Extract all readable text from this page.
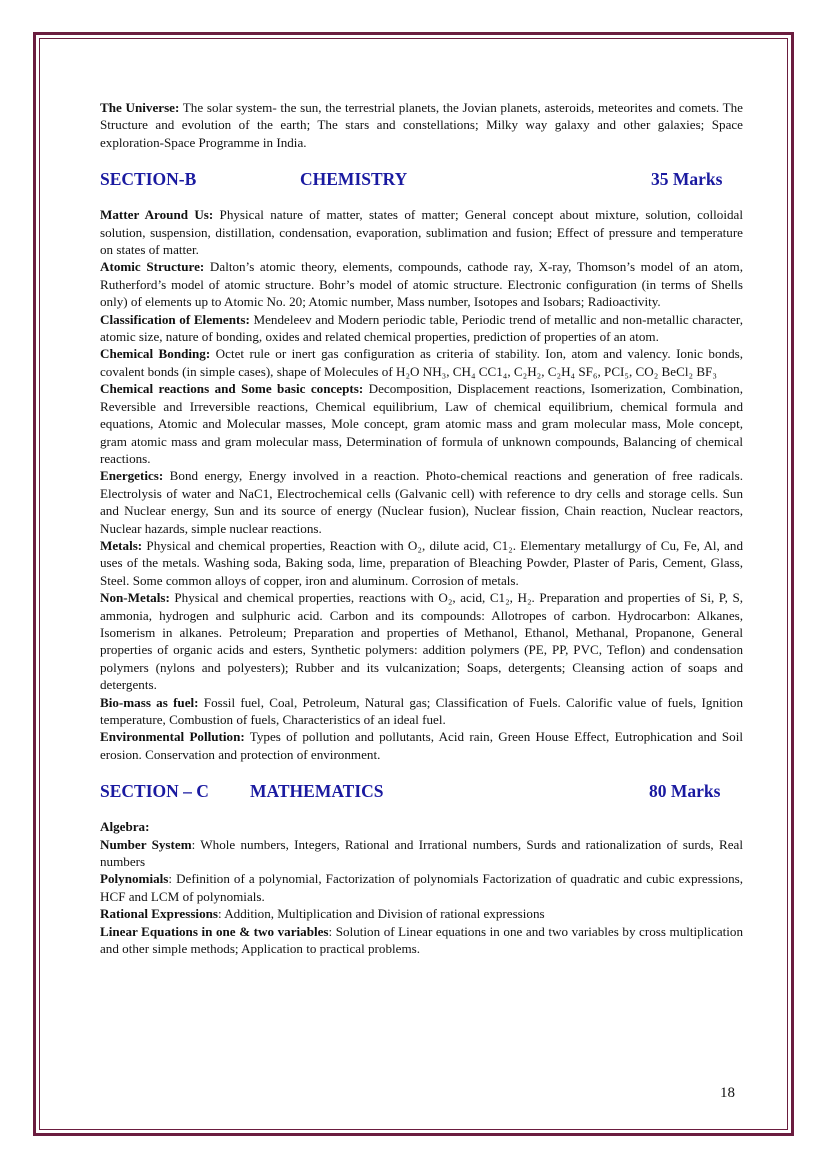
The Universe: The solar system- the sun, the terrestrial planets, the Jovian planets, asteroids, meteorites and comets. The Structure and evolution of the earth; The stars and constellations; Milky way galaxy and other galaxies; Space exploration-Space Programme in India.

SECTION-B	CHEMISTRY	35 Marks

Matter Around Us: Physical nature of matter, states of matter; General concept about mixture, solution, colloidal solution, suspension, distillation, condensation, evaporation, sublimation and fusion; Effect of pressure and temperature on states of matter.

Atomic Structure: Dalton’s atomic theory, elements, compounds, cathode ray, X-ray, Thomson’s model of an atom, Rutherford’s model of atomic structure. Bohr’s model of atomic structure. Electronic configuration (in terms of Shells only) of elements up to Atomic No. 20; Atomic number, Mass number, Isotopes and Isobars; Radioactivity.

Classification of Elements: Mendeleev and Modern periodic table, Periodic trend of metallic and non-metallic character, atomic size, nature of bonding, oxides and related chemical properties, prediction of properties of an atom.

Chemical Bonding: Octet rule or inert gas configuration as criteria of stability. Ion, atom and valency. Ionic bonds, covalent bonds (in simple cases), shape of Molecules of H₂O NH₃, CH₄ CC1₄, C₂H₂, C₂H₄ SF₆, PCI₅, CO₂ BeCl₂ BF₃

Chemical reactions and Some basic concepts: Decomposition, Displacement reactions, Isomerization, Combination, Reversible and Irreversible reactions, Chemical equilibrium, Law of chemical equilibrium, chemical formula and equations, Atomic and Molecular masses, Mole concept, gram atomic mass and gram molecular mass, Mole concept, gram atomic mass and gram molecular mass, Determination of formula of unknown compounds, Balancing of chemical reactions.

Energetics: Bond energy, Energy involved in a reaction. Photo-chemical reactions and generation of free radicals. Electrolysis of water and NaC1, Electrochemical cells (Galvanic cell) with reference to dry cells and storage cells. Sun and Nuclear energy, Sun and its source of energy (Nuclear fusion), Nuclear fission, Chain reaction, Nuclear reactors, Nuclear hazards, simple nuclear reactions.

Metals: Physical and chemical properties, Reaction with O₂, dilute acid, C1₂. Elementary metallurgy of Cu, Fe, Al, and uses of the metals. Washing soda, Baking soda, lime, preparation of Bleaching Powder, Plaster of Paris, Cement, Glass, Steel. Some common alloys of copper, iron and aluminum. Corrosion of metals.

Non-Metals: Physical and chemical properties, reactions with O₂, acid, C1₂, H₂. Preparation and properties of Si, P, S, ammonia, hydrogen and sulphuric acid. Carbon and its compounds: Allotropes of carbon. Hydrocarbon: Alkanes, Isomerism in alkanes. Petroleum; Preparation and properties of Methanol, Ethanol, Methanal, Propanone, General properties of organic acids and esters, Synthetic polymers: addition polymers (PE, PP, PVC, Teflon) and condensation polymers (nylons and polyesters); Rubber and its vulcanization; Soaps, detergents; Cleansing action of soaps and detergents.

Bio-mass as fuel: Fossil fuel, Coal, Petroleum, Natural gas; Classification of Fuels. Calorific value of fuels, Ignition temperature, Combustion of fuels, Characteristics of an ideal fuel.

Environmental Pollution: Types of pollution and pollutants, Acid rain, Green House Effect, Eutrophication and Soil erosion. Conservation and protection of environment.

SECTION – C MATHEMATICS	80 Marks

Algebra:

Number System: Whole numbers, Integers, Rational and Irrational numbers, Surds and rationalization of surds, Real numbers

Polynomials: Definition of a polynomial, Factorization of polynomials Factorization of quadratic and cubic expressions, HCF and LCM of polynomials.

Rational Expressions: Addition, Multiplication and Division of rational expressions

Linear Equations in one & two variables: Solution of Linear equations in one and two variables by cross multiplication and other simple methods; Application to practical problems.

18
